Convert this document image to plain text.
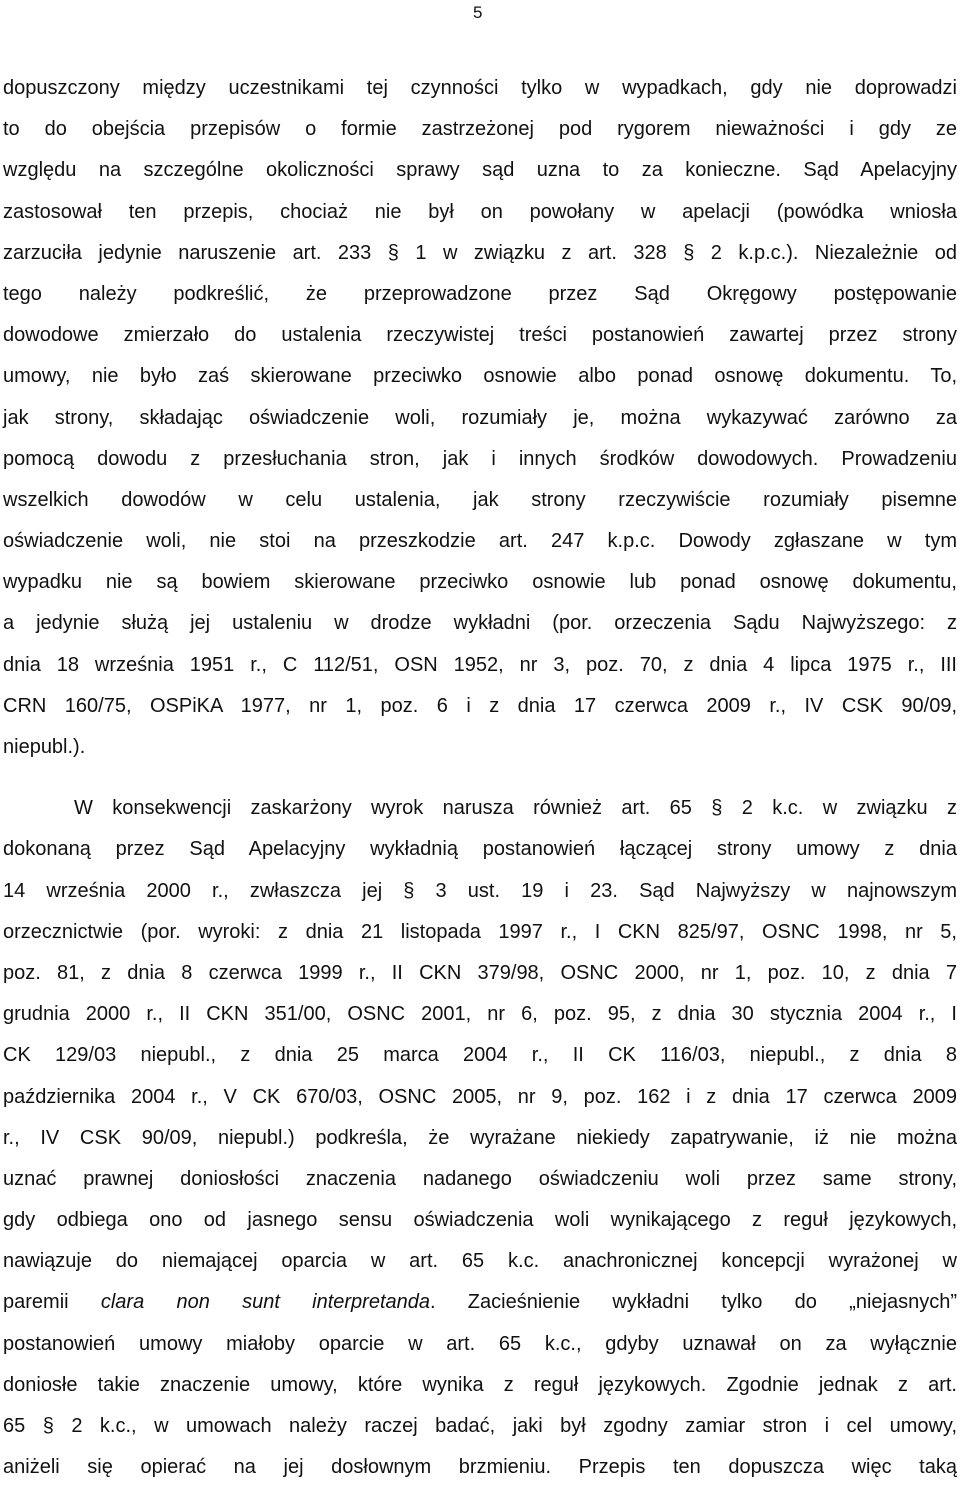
5
dopuszczony między uczestnikami tej czynności tylko w wypadkach, gdy nie doprowadzi
to do obejścia przepisów o formie zastrzeżonej pod rygorem nieważności i gdy ze
względu na szczególne okoliczności sprawy sąd uzna to za konieczne. Sąd Apelacyjny
zastosował ten przepis, chociaż nie był on powołany w apelacji (powódka wniosła
zarzuciła jedynie naruszenie art. 233 § 1 w związku z art. 328 § 2 k.p.c.). Niezależnie od
tego należy podkreślić, że przeprowadzone przez Sąd Okręgowy postępowanie
dowodowe zmierzało do ustalenia rzeczywistej treści postanowień zawartej przez strony
umowy, nie było zaś skierowane przeciwko osnowie albo ponad osnowę dokumentu. To,
jak strony, składając oświadczenie woli, rozumiały je, można wykazywać zarówno za
pomocą dowodu z przesłuchania stron, jak i innych środków dowodowych. Prowadzeniu
wszelkich dowodów w celu ustalenia, jak strony rzeczywiście rozumiały pisemne
oświadczenie woli, nie stoi na przeszkodzie art. 247 k.p.c. Dowody zgłaszane w tym
wypadku nie są bowiem skierowane przeciwko osnowie lub ponad osnowę dokumentu,
a jedynie służą jej ustaleniu w drodze wykładni (por. orzeczenia Sądu Najwyższego: z
dnia 18 września 1951 r., C 112/51, OSN 1952, nr 3, poz. 70, z dnia 4 lipca 1975 r., III
CRN 160/75, OSPiKA 1977, nr 1, poz. 6 i z dnia 17 czerwca 2009 r., IV CSK 90/09,
niepubl.).
W konsekwencji zaskarżony wyrok narusza również art. 65 § 2 k.c. w związku z
dokonaną przez Sąd Apelacyjny wykładnią postanowień łączącej strony umowy z dnia
14 września 2000 r., zwłaszcza jej § 3 ust. 19 i 23. Sąd Najwyższy w najnowszym
orzecznictwie (por. wyroki: z dnia 21 listopada 1997 r., I CKN 825/97, OSNC 1998, nr 5,
poz. 81, z dnia 8 czerwca 1999 r., II CKN 379/98, OSNC 2000, nr 1, poz. 10, z dnia 7
grudnia 2000 r., II CKN 351/00, OSNC 2001, nr 6, poz. 95, z dnia 30 stycznia 2004 r., I
CK 129/03 niepubl., z dnia 25 marca 2004 r., II CK 116/03, niepubl., z dnia 8
października 2004 r., V CK 670/03, OSNC 2005, nr 9, poz. 162 i z dnia 17 czerwca 2009
r., IV CSK 90/09, niepubl.) podkreśla, że wyrażane niekiedy zapatrywanie, iż nie można
uznać prawnej doniosłości znaczenia nadanego oświadczeniu woli przez same strony,
gdy odbiega ono od jasnego sensu oświadczenia woli wynikającego z reguł językowych,
nawiązuje do niemającej oparcia w art. 65 k.c. anachronicznej koncepcji wyrażonej w
paremii clara non sunt interpretanda. Zacieśnienie wykładni tylko do „niejasnych”
postanowień umowy miałoby oparcie w art. 65 k.c., gdyby uznawał on za wyłącznie
doniosłe takie znaczenie umowy, które wynika z reguł językowych. Zgodnie jednak z art.
65 § 2 k.c., w umowach należy raczej badać, jaki był zgodny zamiar stron i cel umowy,
aniżeli się opierać na jej dosłownym brzmieniu. Przepis ten dopuszcza więc taką
